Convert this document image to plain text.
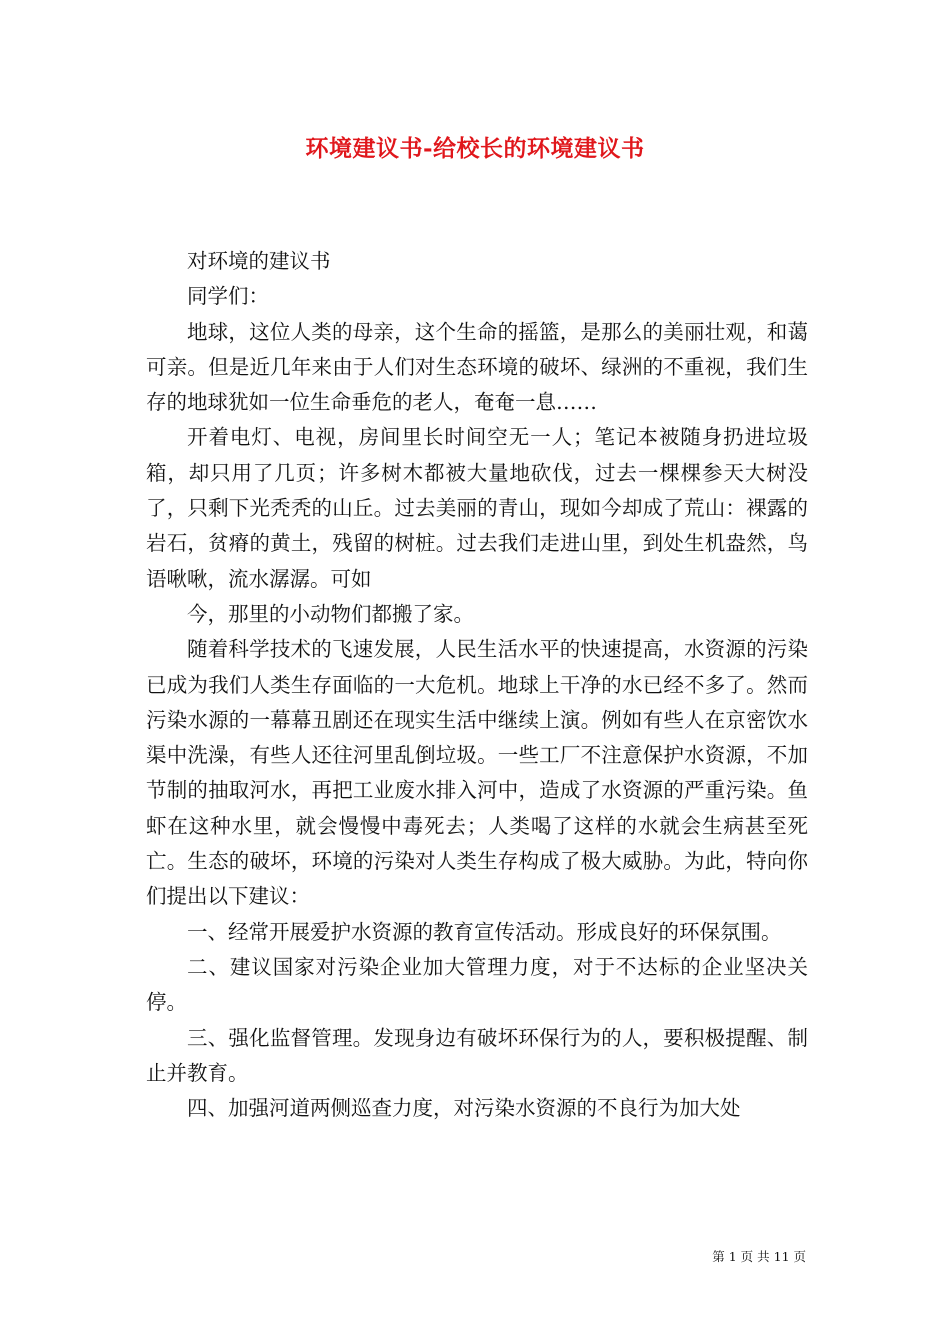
环境建议书-给校长的环境建议书

对环境的建议书

同学们：

地球，这位人类的母亲，这个生命的摇篮，是那么的美丽壮观，和蔼可亲。但是近几年来由于人们对生态环境的破坏、绿洲的不重视，我们生存的地球犹如一位生命垂危的老人，奄奄一息……

开着电灯、电视，房间里长时间空无一人；笔记本被随身扔进垃圾箱，却只用了几页；许多树木都被大量地砍伐，过去一棵棵参天大树没了，只剩下光秃秃的山丘。过去美丽的青山，现如今却成了荒山：裸露的岩石，贫瘠的黄土，残留的树桩。过去我们走进山里，到处生机盎然，鸟语啾啾，流水潺潺。可如

今，那里的小动物们都搬了家。

随着科学技术的飞速发展，人民生活水平的快速提高，水资源的污染已成为我们人类生存面临的一大危机。地球上干净的水已经不多了。然而污染水源的一幕幕丑剧还在现实生活中继续上演。例如有些人在京密饮水渠中洗澡，有些人还往河里乱倒垃圾。一些工厂不注意保护水资源，不加节制的抽取河水，再把工业废水排入河中，造成了水资源的严重污染。鱼虾在这种水里，就会慢慢中毒死去；人类喝了这样的水就会生病甚至死亡。生态的破坏，环境的污染对人类生存构成了极大威胁。为此，特向你们提出以下建议：

一、经常开展爱护水资源的教育宣传活动。形成良好的环保氛围。

二、建议国家对污染企业加大管理力度，对于不达标的企业坚决关停。

三、强化监督管理。发现身边有破坏环保行为的人，要积极提醒、制止并教育。

四、加强河道两侧巡查力度，对污染水资源的不良行为加大处

第 1 页 共 11 页
